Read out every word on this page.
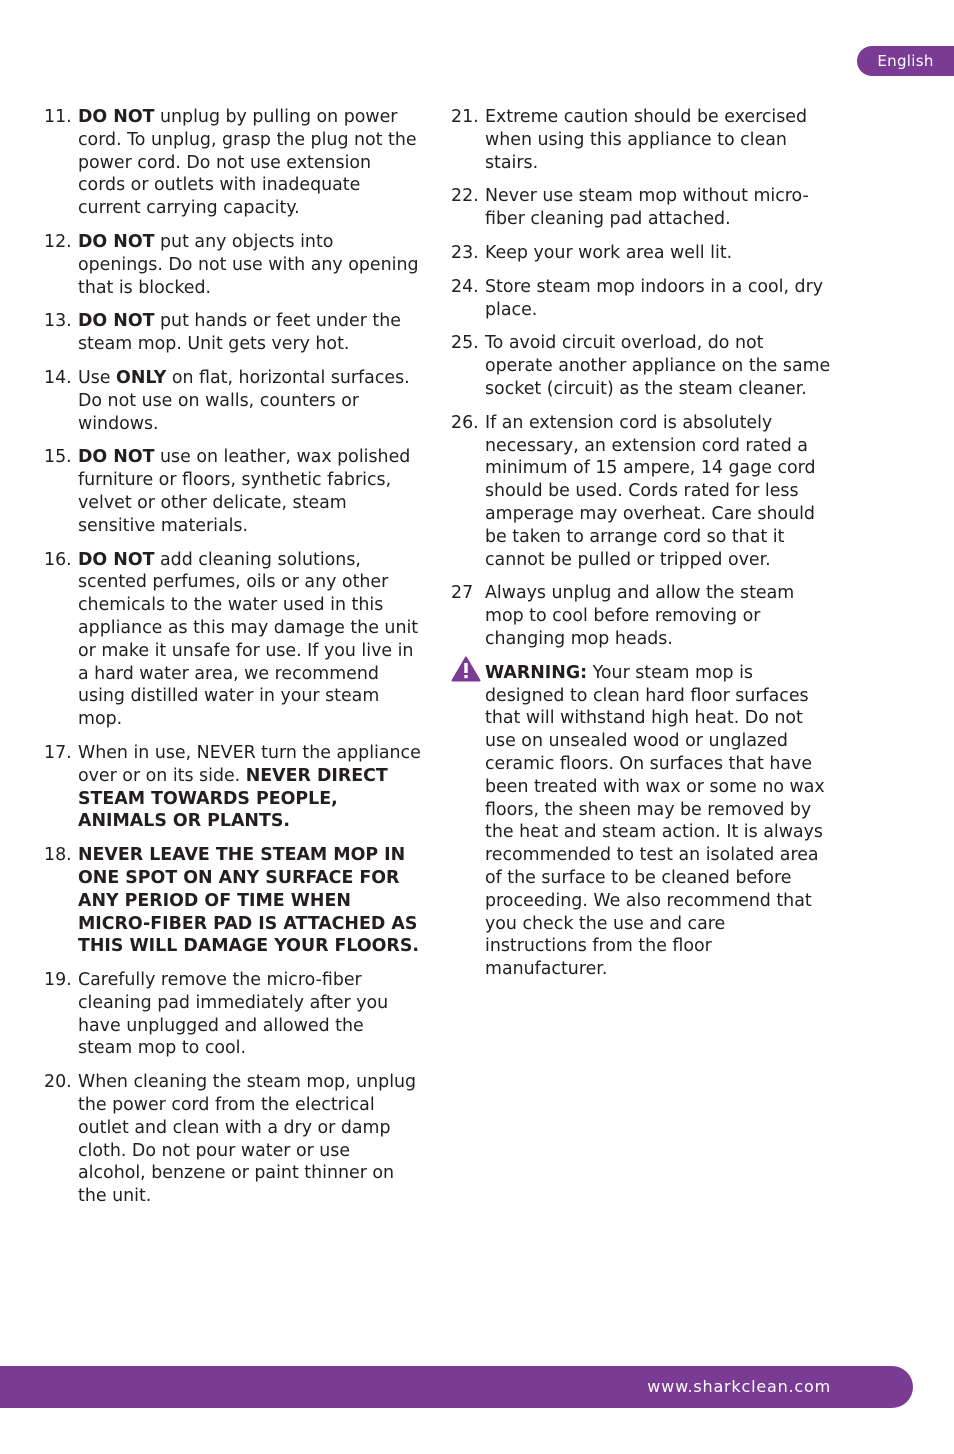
English
11. DO NOT unplug by pulling on power cord. To unplug, grasp the plug not the power cord. Do not use extension cords or outlets with inadequate current carrying capacity.
12. DO NOT put any objects into openings. Do not use with any opening that is blocked.
13. DO NOT put hands or feet under the steam mop. Unit gets very hot.
14. Use ONLY on flat, horizontal surfaces. Do not use on walls, counters or windows.
15. DO NOT use on leather, wax polished furniture or floors, synthetic fabrics, velvet or other delicate, steam sensitive materials.
16. DO NOT add cleaning solutions, scented perfumes, oils or any other chemicals to the water used in this appliance as this may damage the unit or make it unsafe for use. If you live in a hard water area, we recommend using distilled water in your steam mop.
17. When in use, NEVER turn the appliance over or on its side. NEVER DIRECT STEAM TOWARDS PEOPLE, ANIMALS OR PLANTS.
18. NEVER LEAVE THE STEAM MOP IN ONE SPOT ON ANY SURFACE FOR ANY PERIOD OF TIME WHEN MICRO-FIBER PAD IS ATTACHED AS THIS WILL DAMAGE YOUR FLOORS.
19. Carefully remove the micro-fiber cleaning pad immediately after you have unplugged and allowed the steam mop to cool.
20. When cleaning the steam mop, unplug the power cord from the electrical outlet and clean with a dry or damp cloth. Do not pour water or use alcohol, benzene or paint thinner on the unit.
21. Extreme caution should be exercised when using this appliance to clean stairs.
22. Never use steam mop without micro-fiber cleaning pad attached.
23. Keep your work area well lit.
24. Store steam mop indoors in a cool, dry place.
25. To avoid circuit overload, do not operate another appliance on the same socket (circuit) as the steam cleaner.
26. If an extension cord is absolutely necessary, an extension cord rated a minimum of 15 ampere, 14 gage cord should be used. Cords rated for less amperage may overheat. Care should be taken to arrange cord so that it cannot be pulled or tripped over.
27 Always unplug and allow the steam mop to cool before removing or changing mop heads.
WARNING: Your steam mop is designed to clean hard floor surfaces that will withstand high heat. Do not use on unsealed wood or unglazed ceramic floors. On surfaces that have been treated with wax or some no wax floors, the sheen may be removed by the heat and steam action. It is always recommended to test an isolated area of the surface to be cleaned before proceeding. We also recommend that you check the use and care instructions from the floor manufacturer.
www.sharkclean.com
